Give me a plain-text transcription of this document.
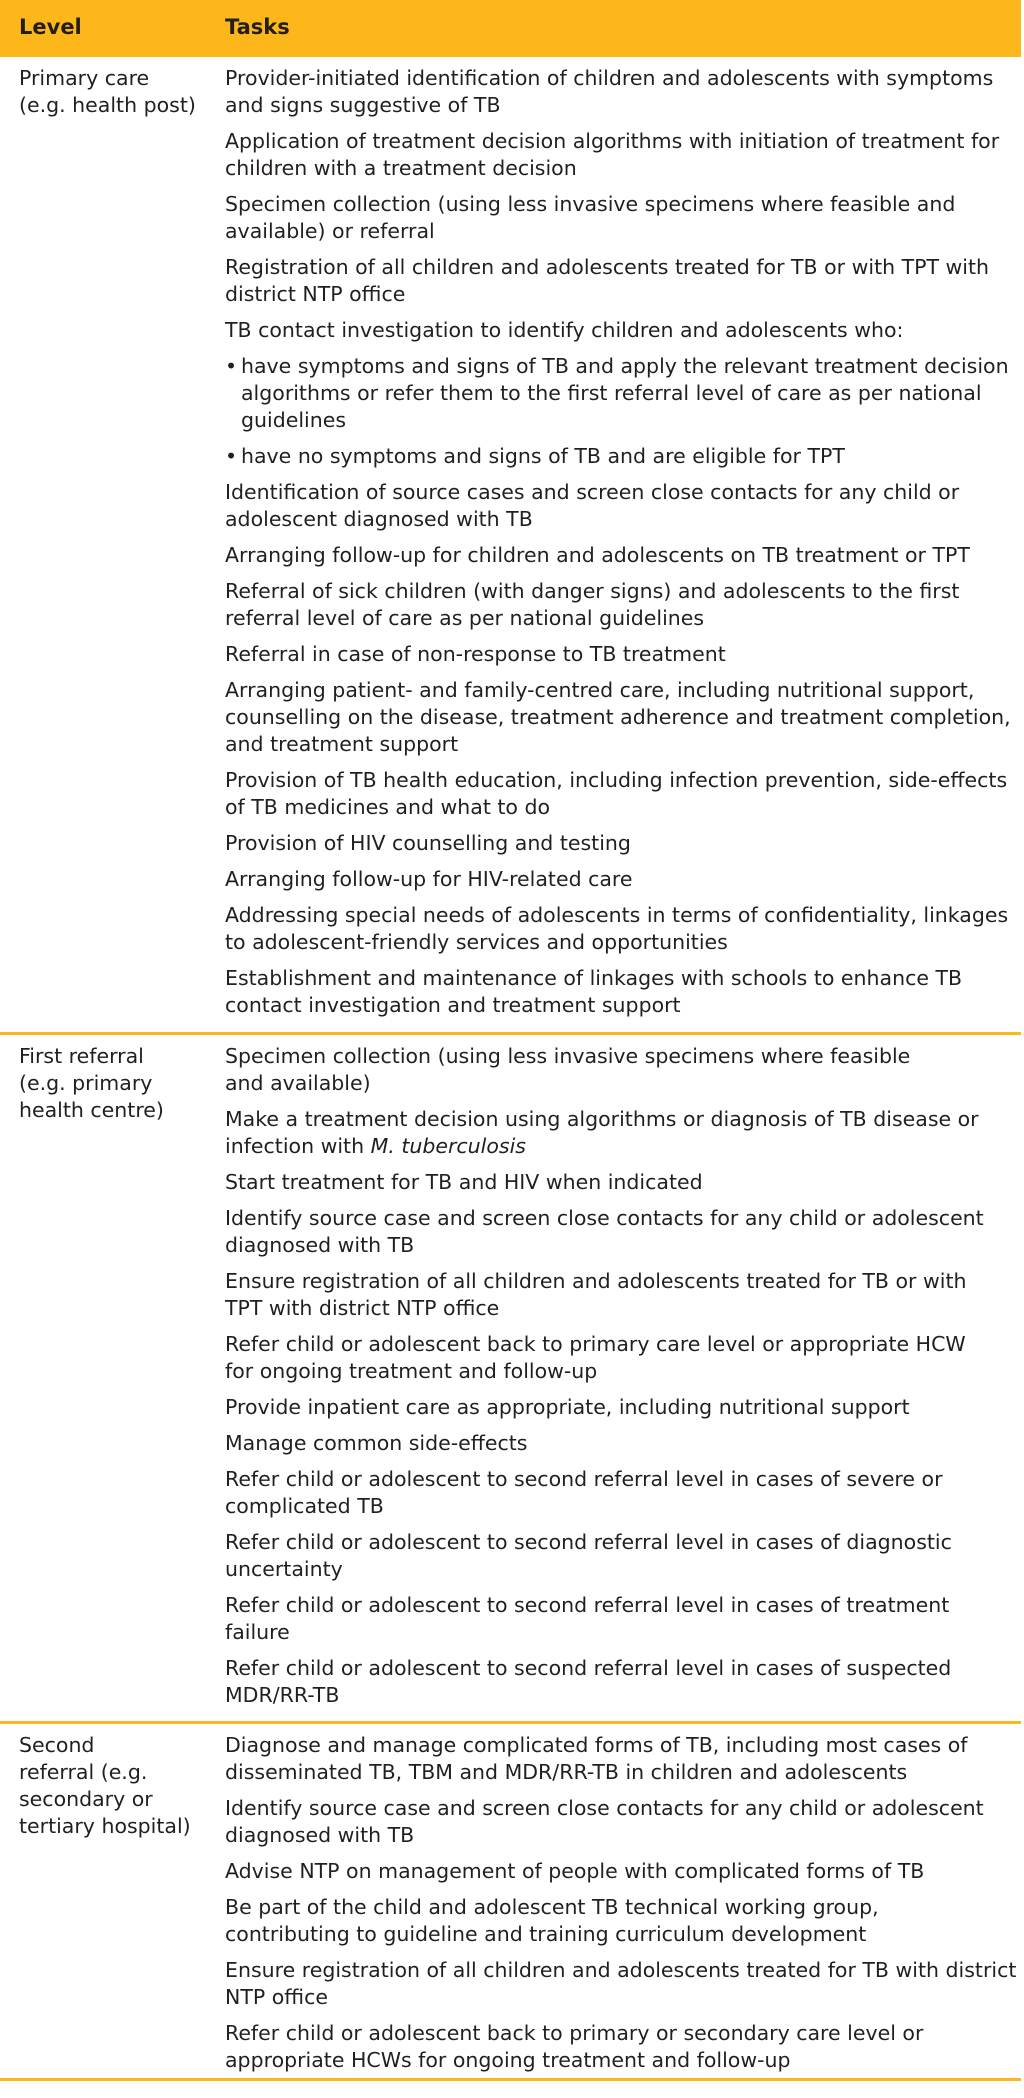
Level	Tasks
Primary care
(e.g. health post)
Provider-initiated identification of children and adolescents with symptoms
and signs suggestive of TB
Application of treatment decision algorithms with initiation of treatment for
children with a treatment decision
Specimen collection (using less invasive specimens where feasible and
available) or referral
Registration of all children and adolescents treated for TB or with TPT with
district NTP office
TB contact investigation to identify children and adolescents who:
• have symptoms and signs of TB and apply the relevant treatment decision
algorithms or refer them to the first referral level of care as per national
guidelines
• have no symptoms and signs of TB and are eligible for TPT
Identification of source cases and screen close contacts for any child or
adolescent diagnosed with TB
Arranging follow-up for children and adolescents on TB treatment or TPT
Referral of sick children (with danger signs) and adolescents to the first
referral level of care as per national guidelines
Referral in case of non-response to TB treatment
Arranging patient- and family-centred care, including nutritional support,
counselling on the disease, treatment adherence and treatment completion,
and treatment support
Provision of TB health education, including infection prevention, side-effects
of TB medicines and what to do
Provision of HIV counselling and testing
Arranging follow-up for HIV-related care
Addressing special needs of adolescents in terms of confidentiality, linkages
to adolescent-friendly services and opportunities
Establishment and maintenance of linkages with schools to enhance TB
contact investigation and treatment support
First referral
(e.g. primary
health centre)
Specimen collection (using less invasive specimens where feasible
and available)
Make a treatment decision using algorithms or diagnosis of TB disease or
infection with M. tuberculosis
Start treatment for TB and HIV when indicated
Identify source case and screen close contacts for any child or adolescent
diagnosed with TB
Ensure registration of all children and adolescents treated for TB or with
TPT with district NTP office
Refer child or adolescent back to primary care level or appropriate HCW
for ongoing treatment and follow-up
Provide inpatient care as appropriate, including nutritional support
Manage common side-effects
Refer child or adolescent to second referral level in cases of severe or
complicated TB
Refer child or adolescent to second referral level in cases of diagnostic
uncertainty
Refer child or adolescent to second referral level in cases of treatment
failure
Refer child or adolescent to second referral level in cases of suspected
MDR/RR-TB
Second
referral (e.g.
secondary or
tertiary hospital)
Diagnose and manage complicated forms of TB, including most cases of
disseminated TB, TBM and MDR/RR-TB in children and adolescents
Identify source case and screen close contacts for any child or adolescent
diagnosed with TB
Advise NTP on management of people with complicated forms of TB
Be part of the child and adolescent TB technical working group,
contributing to guideline and training curriculum development
Ensure registration of all children and adolescents treated for TB with district
NTP office
Refer child or adolescent back to primary or secondary care level or
appropriate HCWs for ongoing treatment and follow-up
